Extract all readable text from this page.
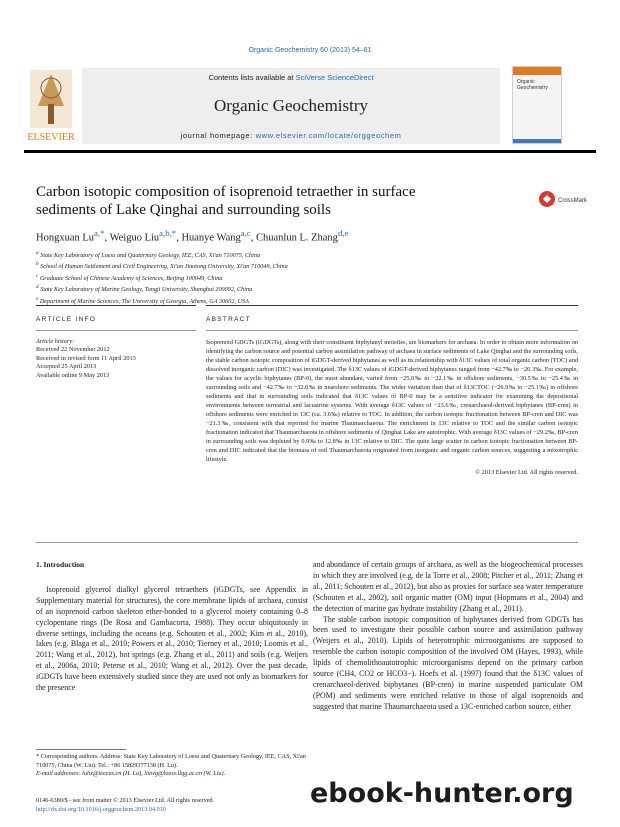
Organic Geochemistry 60 (2013) 54–61
ELSEVIER
Contents lists available at SciVerse ScienceDirect
Organic Geochemistry
journal homepage: www.elsevier.com/locate/orggeochem
Organic Geochemistry
Carbon isotopic composition of isoprenoid tetraether in surface sediments of Lake Qinghai and surrounding soils
CrossMark
Hongxuan $Lu^{a,*}$, Weiguo Liu$^{a,b,*}$, Huanye Wang$^{a,c}$, Chuanlun L. Zhang$^{d,e}$
$^a$ State Key Laboratory of Loess and Quaternary Geology, IEE, CAS, Xi'an 710075, China
$^b$ School of Human Settlement and Civil Engineering, Xi'an Jiaotong University, Xi'an 710049, China
$^c$ Graduate School of Chinese Academy of Sciences, Beijing 100049, China
$^d$ State Key Laboratory of Marine Geology, Tongji University, Shanghai 200092, China
$^e$ Department of Marine Sciences, The University of Georgia, Athens, GA 30602, USA
ARTICLE INFO	ABSTRACT
Article history:
Received 22 November 2012
Received in revised form 11 April 2013
Accepted 25 April 2013
Available online 9 May 2013

Isoprenoid GDGTs (iGDGTs), along with their constituent biphytanyl moieties, are biomarkers for archaea. In order to obtain more information on identifying the carbon source and potential carbon assimilation pathway of archaea in surface sediments of Lake Qinghai and the surrounding soils, the stable carbon isotopic composition of iGDGT-derived biphytanes as well as its relationship with δ13C values of total organic carbon (TOC) and dissolved inorganic carbon (DIC) was investigated. The δ13C values of iGDGT-derived biphytanes ranged from −42.7‰ to −20.3‰. For example, the values for acyclic biphytanes (BP-0), the most abundant, varied from −25.0‰ to −22.1‰ in offshore sediments, −30.5‰ to −25.4‰ in surrounding soils and −42.7‰ to −32.0‰ in nearshore sediments. The wider variation than that of δ13CTOC (−26.9‰ to −25.1‰) in offshore sediments and that in surrounding soils indicated that δ13C values of BP-0 may be a sensitive indicator for examining the depositional environments between terrestrial and lacustrine systems. With average δ13C values of −23.6‰, crenarchaeol-derived biphytanes (BP-cren) in offshore sediments were enriched in 13C (ca. 3.6‰) relative to TOC. In addition, the carbon isotopic fractionation between BP-cren and DIC was −21.3‰, consistent with that reported for marine Thaumarchaeota. The enrichment in 13C relative to TOC and the similar carbon isotopic fractionation indicated that Thaumarchaeota in offshore sediments of Qinghai Lake are autotrophic. With average δ13C values of −29.2‰, BP-cren in surrounding soils was depleted by 0.9‰ to 12.8‰ in 13C relative to DIC. The quite large scatter in carbon isotopic fractionation between BP-cren and DIC indicated that the biomass of soil Thaumarchaeota originated from inorganic and organic carbon sources, suggesting a mixotrophic lifestyle.

© 2013 Elsevier Ltd. All rights reserved.
1. Introduction

Isoprenoid glycerol dialkyl glycerol tetraethers (iGDGTs, see Appendix in Supplementary material for structures), the core membrane lipids of archaea, consist of an isoprenoid carbon skeleton ether-bonded to a glycerol moiety containing 0–8 cyclopentane rings (De Rosa and Gambacorta, 1988). They occur ubiquitously in diverse settings, including the oceans (e.g. Schouten et al., 2002; Kim et al., 2010), lakes (e.g. Blaga et al., 2010; Powers et al., 2010; Tierney et al., 2010; Loomis et al., 2011; Wang et al., 2012), hot springs (e.g. Zhang et al., 2011) and soils (e.g. Weijers et al., 2006a, 2010; Peterse et al., 2010; Wang et al., 2012). Over the past decade, iGDGTs have been extensively studied since they are used not only as biomarkers for the presence

and abundance of certain groups of archaea, as well as the biogeochemical processes in which they are involved (e.g. de la Torre et al., 2008; Pitcher et al., 2011; Zhang et al., 2011; Schouten et al., 2012), but also as proxies for surface sea water temperature (Schouten et al., 2002), soil organic matter (OM) input (Hopmans et al., 2004) and the detection of marine gas hydrate instability (Zhang et al., 2011).

The stable carbon isotopic composition of biphytanes derived from GDGTs has been used to investigate their possible carbon source and assimilation pathway (Weijers et al., 2010). Lipids of heterotrophic microorganisms are supposed to resemble the carbon isotopic composition of the involved OM (Hayes, 1993), while lipids of chemolithoautotrophic microorganisms depend on the primary carbon source (CH4, CO2 or HCO3−). Hoefs et al. (1997) found that the δ13C values of crenarchaeol-derived biphytanes (BP-cren) in marine suspended particulate OM (POM) and sediments were enriched relative to those of algal isoprenoids and suggested that marine Thaumarchaeota used a 13C-enriched carbon source, either

* Corresponding authors. Address: State Key Laboratory of Loess and Quaternary Geology, IEE, CAS, Xi'an 710075, China (W. Liu). Tel.: +86 15829377138 (H. Lu).
E-mail addresses: luhx@ieecas.cn (H. Lu), liuwg@loess.llqg.ac.cn (W. Liu).
0146-6380/$ - see front matter © 2013 Elsevier Ltd. All rights reserved.
http://dx.doi.org/10.1016/j.orggeochem.2013.04.010
ebook-hunter.org
